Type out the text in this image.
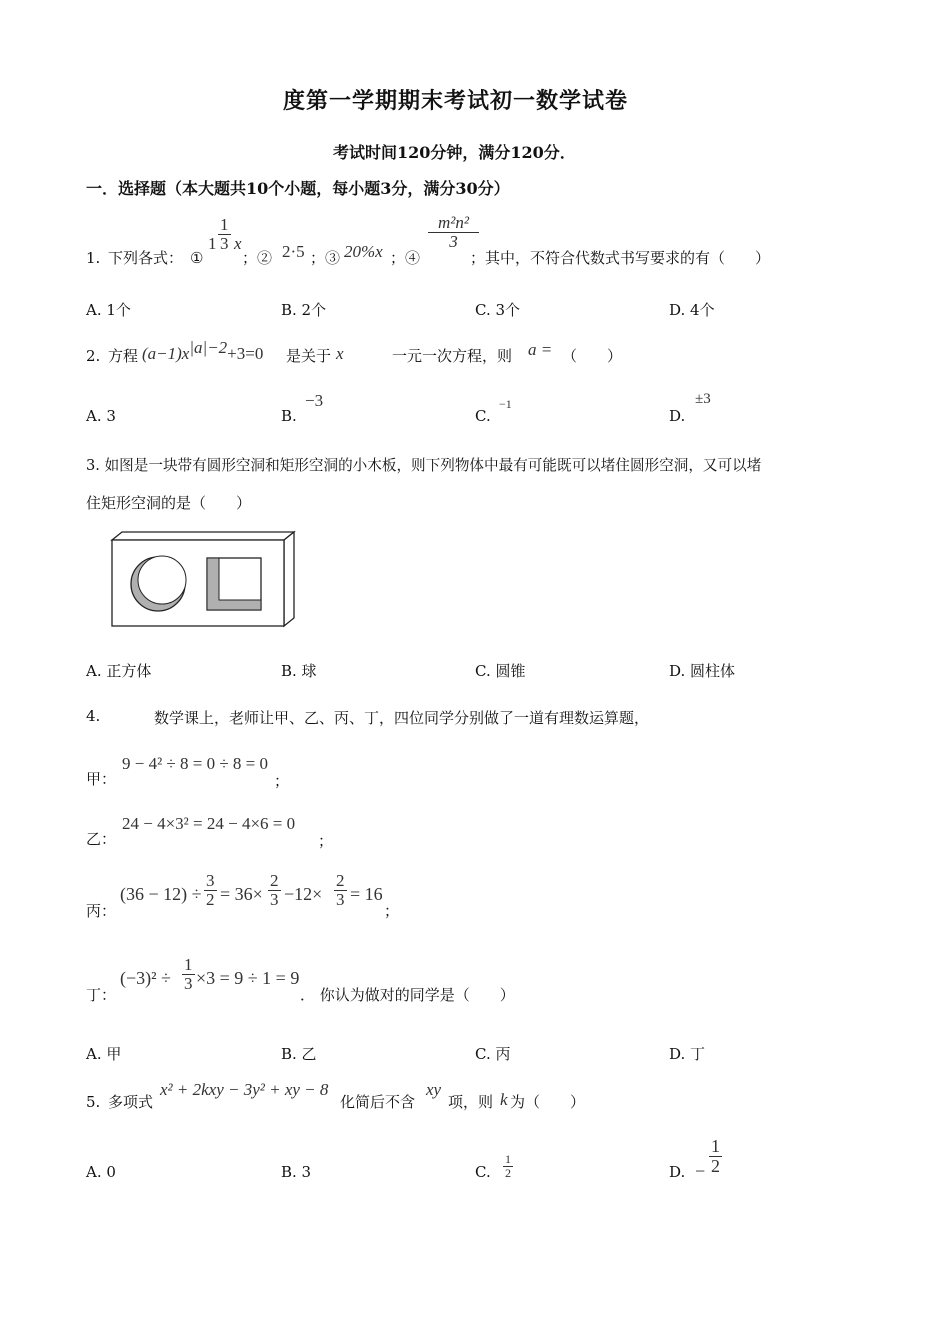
度第一学期期末考试初一数学试卷
考试时间120分钟，满分120分．
一．选择题（本大题共10个小题，每小题3分，满分30分）
1. 下列各式： ①
$1 \frac{1}{3}$ x
；② 2·5 ；③ 20%x ；④
$\frac{\text{m²n²}}{3}$
；其中，不符合代数式书写要求的有（　　）
A. 1个	B. 2个	C. 3个	D. 4个
2. 方程 $(a-1)x^{|a|-2}+3=0$ 是关于 x	一元一次方程，则 a = （　　）
A. 3	B.
−3
C.
−1
D.
±3
3. 如图是一块带有圆形空洞和矩形空洞的小木板，则下列物体中最有可能既可以堵住圆形空洞，又可以堵
住矩形空洞的是（　　）
A. 正方体	B. 球	C. 圆锥	D. 圆柱体
4.	数学课上，老师让甲、乙、丙、丁，四位同学分别做了一道有理数运算题，
甲：
9 − 4² ÷ 8 = 0 ÷ 8 = 0
；
乙：
24 − 4×3² = 24 − 4×6 = 0
；
丙：
$(36 - 12) \div \frac{3}{2} = 36\times \frac{2}{3} -12\times \frac{2}{3} = 16$
；
丁：
$(-3)^2 \div \frac{1}{3} \times 3 = 9 \div 1 = 9$
． 你认为做对的同学是（　　）
A. 甲	B. 乙	C. 丙	D. 丁
5. 多项式
x² + 2kxy − 3y² + xy − 8
化简后不含
xy
项，则 k 为（　　）
A. 0	B. 3	C. $\frac{1}{2}$	D. − $\frac{1}{2}$
